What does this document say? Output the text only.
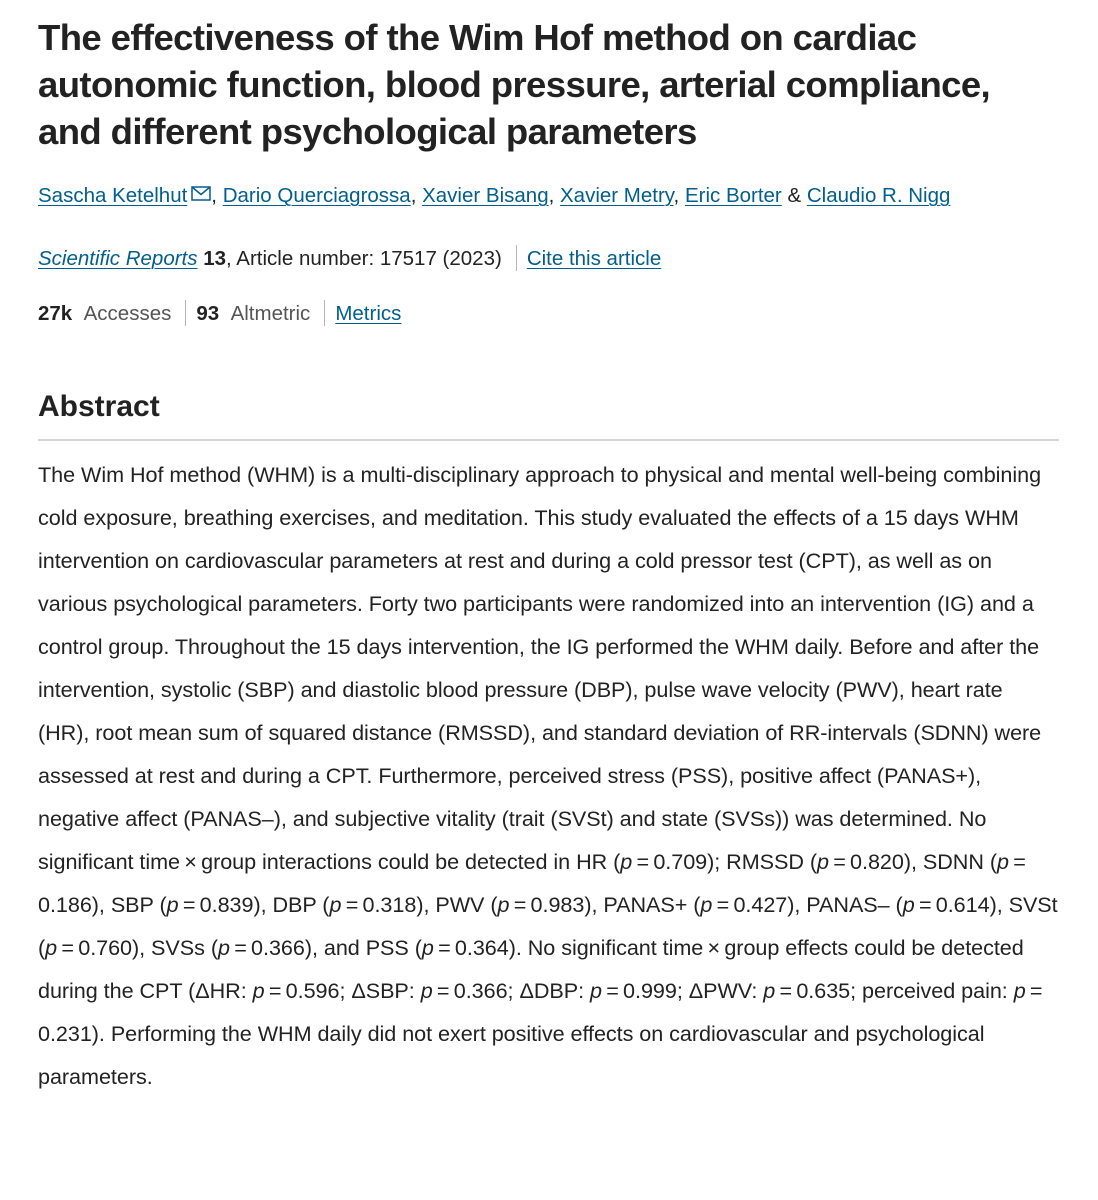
The effectiveness of the Wim Hof method on cardiac autonomic function, blood pressure, arterial compliance, and different psychological parameters
Sascha Ketelhut , Dario Querciagrossa, Xavier Bisang, Xavier Metry, Eric Borter & Claudio R. Nigg
Scientific Reports 13, Article number: 17517 (2023) Cite this article
27k Accesses 93 Altmetric Metrics
Abstract

The Wim Hof method (WHM) is a multi-disciplinary approach to physical and mental well-being combining cold exposure, breathing exercises, and meditation. This study evaluated the effects of a 15 days WHM intervention on cardiovascular parameters at rest and during a cold pressor test (CPT), as well as on various psychological parameters. Forty two participants were randomized into an intervention (IG) and a control group. Throughout the 15 days intervention, the IG performed the WHM daily. Before and after the intervention, systolic (SBP) and diastolic blood pressure (DBP), pulse wave velocity (PWV), heart rate (HR), root mean sum of squared distance (RMSSD), and standard deviation of RR-intervals (SDNN) were assessed at rest and during a CPT. Furthermore, perceived stress (PSS), positive affect (PANAS+), negative affect (PANAS–), and subjective vitality (trait (SVSt) and state (SVSs)) was determined. No significant time × group interactions could be detected in HR (p = 0.709); RMSSD (p = 0.820), SDNN (p = 0.186), SBP (p = 0.839), DBP (p = 0.318), PWV (p = 0.983), PANAS+ (p = 0.427), PANAS– (p = 0.614), SVSt (p = 0.760), SVSs (p = 0.366), and PSS (p = 0.364). No significant time × group effects could be detected during the CPT (ΔHR: p = 0.596; ΔSBP: p = 0.366; ΔDBP: p = 0.999; ΔPWV: p = 0.635; perceived pain: p = 0.231). Performing the WHM daily did not exert positive effects on cardiovascular and psychological parameters.
